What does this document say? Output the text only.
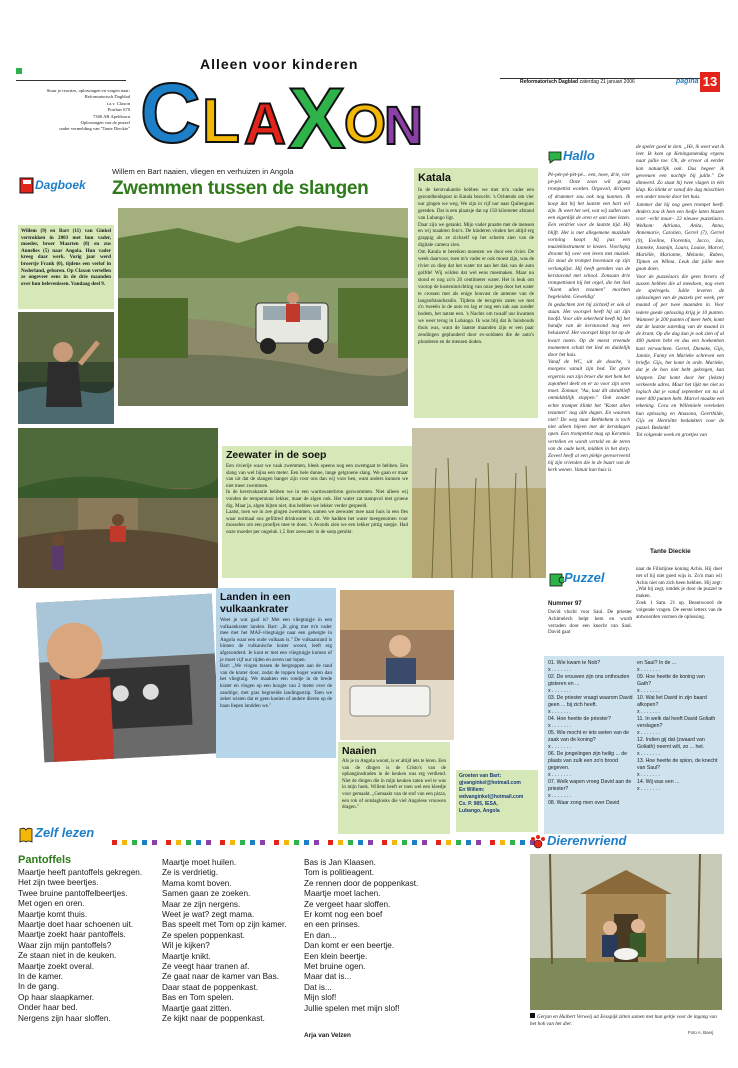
Alleen voor kinderen
C L A X
O
N
Stuur je reacties, oplossingen en vragen naar:
Reformatorisch Dagblad
t.a.v. Claxon
Postbus 670
7300 AR Apeldoorn
Oplossingen van de puzzel
onder vermelding van "Tante Dieckie"
Reformatorisch Dagblad zaterdag 21 januari 2006	pagina 13
Dagboek
Willem en Bart naaien, vliegen en verhuizen in Angola
Zwemmen tussen de slangen

Willem (9) en Bart (11) van Ginkel vertrokken in 2003 met hun vader, moeder, broer Maarten (8) en zus Annelies (5) naar Angola. Hun vader kreeg daar werk. Vorig jaar werd broertje Frank (0), tijdens een verlof in Nederland, geboren. Op Claxon vertellen ze ongeveer eens in de drie maanden over hun belevenissen. Vandaag deel 9.

Katala

In de kerstvakantie hebben we met m'n vader een gezondheidspost in Katala bezocht. 's Ochtends om vier uur gingen we weg. We zijn in vijf uur naar Quilengues gereden. Dat is een plaatsje dat op 150 kilometer afstand van Lubango ligt.
Daar zijn we getankt. Mijn vader praatte met de mensen en wij maakten foto's. De kinderen vinden het altijd erg grappig als ze zichzelf op het scherm zien van de digitale camera zien.
Om Katala te bereiken moesten we door een rivier. De week daarvoor, toen m'n vader er ook moest zijn, was de rivier zo diep dat het water tot aan het dak van de auto golfde! Wij wilden dat wel eens meemaken. Maar nu stond er nog zo'n 20 centimeter water. Het is leuk om voorop de kosteninrichting van onze jeep door het water te crossen met als enige houvast de antenne van de langsofstandsradio. Tijdens de terugreis zaten we met z'n tweeën in de auto en lag er nog een zak aan zonder bodem, het natste een. 's Nachts om twaalf uur kwamen we weer terug in Lubango. Ik was blij dat ik huishouds thuis was, want de laatste maanden zijn er een paar zendingen geplunderd door ex-soldaten die de auto's plunderen en de mensen doden.

Hallo

Pè-pèt-pè-pèt-pè... een, twee, drie, vier pè-pèt. Onze zoon wil graag trompettist worden. Orgavoit, dirigent of drummer zou ook nog kunnen. Ik koop dat hij het laatste een hart wil zijn. Ik weet het wel, wat wij zullen aan een eigenlijk de oren er aan mee lezen. Een verdriet voor de laatste tijd. Hij blijft. Het is met allegemene muzikale vorming koopt hij pas een muziekinstrument te kiezen. Voorlopig droomt hij over een leven met muziek. En staat de trompet bovenaan op zijn verlanglijst. Hij heeft gereden van de kerstavond met school. Zonsaan drie trompettisten bij het orgel, die het lied "Komt allen tezamen" mochten begeleiden. Geweldig!
In gedachten ziet hij zichzelf er ook al staan. Het voorspel heeft hij uit zijn hoofd. Voor alle zekerheid heeft hij het bandje van de kerstavond nog een beluisterd. Het voorspel klopt tot op de kwart noten. Op de meest vreemde momenten schalt het lied en duidelijk door het huis.
Vanaf de WC, uit de douche, 's morgens vanuit zijn bed. Tot grote ergernis van zijn broer die met hem het zopotheel deelt en er zo voor zijn oren moet. Zomaar, "Au, laat dit alstublieft onmiddellijk stoppen." Ook zonder echte trompet klinkt het "Komt allen tezamen" nog alle dagen. En waarom niet? De weg naar Bethlehem is toch niet alleen bijeen met de kerstdagen open. Een trompettist mag op Kerstmis vertellen en wordt verteld en de teren van de oude kerk, midden in het dorp. Zoveel heeft al een plekje gereserveerd bij zijn vrienden die in de buurt van de kerk wonen. Vanuit hun huis is

de speler goed te zien. „Hè, ik weet wat ik leer. Ik kom op Keningsmendag ergens naar jullie toe. Uh, de ervoor al eerder kan natuurlijk ook. Dus begeer ik geveeuen een nachtje bij jullie." De dimwerd. Zo staat hij twee vlagen in één klap. Ko klinkt er vanaf die dag misschien een ander mooie door het huis.
Jammer dat hij nog geen trompet heeft. Anders zou ik hem een liedje laten blazen voor –echt maar– 22 nieuwe puzzelaars. Welkom: Adriana, Anita, Anna, Annemarie, Carolien, Gerrel (7), Gerrel (9), Eveline, Florentia, Jacco, Jan, Janneke, Jasmijn, Laura, Louise, Marcel, Mariëlle, Marianne, Melanie, Ruben, Tijmen en Wilma. Leuk dat jullie mee gaan doen.
Voor de puzzelaars die geen broers of zussen hebben die al meedoen, nog even de spelregels. Jullie leveren de oplossingen van de puzzels per week, per maand of per twee maanden in. Voor iedere goede oplossing krijg je 10 punten. Wanneer je 200 punten of meer hebt, komt dat de laatste zaterdag van de maand in de krant. Op die dag kun je ook zien of al 400 punten hebt en dus een boekenbon kunt verwachten. Gerrel, Dieneke, Gijs, Jannie, Fanny en Marieke schreven een briefje. Gijs, het komt in orde. Marieke, dat je de bon niet hebt gekregen, kan kloppen. Dat komt door het (lekste) verkeerde adres. Maar het lijkt me niet zo logisch dat je vanaf september tot nu al meer 400 punten hebt. Marcel maakte een tekening. Cora en Willemiele vereleden hun oplossing en Anasona, Geerthilde, Gijs en Henriëtte bedankten voor de puzzel. Bedankt!
Tot volgende week en groetjes van

Tante Dieckie
Zeewater in de soep

Een rivierije waar we vaak zwemmen, bleek opeens nog een zwemgaat te hebben. Een slang van wel bijna een meter. Een hele dunne, lange gelgroene slang. We gaan er maar van uit dat de slangen banger zijn voor ons dan wij voor hen, want anders kunnen we niet meer zwemmen.
In de kerstvakantie hebben we in een warmwaterbron gezwommen. Niet alleen wij vonden de temperatuur lekker, maar de algen ook. Het water zat stampvol met groene dig. Maar ja, algen bijten niet, dus hebben we lekker verder gespeeld.
Laatst, toen we in zee gingen zwemmen, namen we zeewater mee naar huis in een fles waar normaal ons gefiltred drinkwater in zit. We hadden het water meegenomen voor mosselen om een proefjes mee te doen. 's Avonds zien we een lekker pittig soepje. Had onze moeder per ongeluk 1,5 liter zeewater in de soep gemikt.

Landen in een vulkaankrater

Weet je wat gaaf is? Met een vliegtuigje in een vulkaankrater landen. Bart: „Ik ging met m'n vader mee met het MAF-vliegtuigje naar een gebergte in Angola waar een oude vulkaan is." De vulkaanrand is binnen de vulkanische krater woont, leeft erg afgezonderd. Je kunt er met een vliegtuigje komen of je moet vijf uur rijden en zeven uur lopen.
Bart: „We vlogen tussen de bergtoppen aan de rand van de krater door, zodat de toppen hoger waren dan het vliegtuig. We maakten een rondje in de brede krater en vlogen op een hoogte van 2 meter over de zandrige, met gras begroeide landingsstrip. Toen we zeker wisten dat er geen koeien of andere dieren op de baan liepen landden we."

Naaien

Als je in Angola woont, is er altijd iets te leren. Een van de dingen is de Cristo's van de ophanginsdraden in de keuken was erg verdiend. Niet de dingen die in mijn keuken zaten wel te was in mijn hoek. Willem heeft er toen wel een kleedje voor gemaakt. „Gemaakt van de stof van een pizza, een rok of ontslaglooks die viel Angolese vrouwen dragen."

Groeten van Bart:
gjvanginkel@hotmail.com
En Willem:
wdvanginkel@hotmail.com
Cx. P. 985, IESA,
Lubango, Angola

Puzzel
Nummer 97

David vlucht voor Saul. De priester Achimelech helpt hem en wordt verraden door een knecht van Saul. David gaat

naar de Filistijnse koning Achis. Hij doet net of hij niet goed wijs is. Zo'n man wil Achis niet om zich heen hebben. Hij zegt: „Wat hij zegt, ontdek je door de puzzel te maken.
Zoek 1 Sam. 21 op. Beantwoord de volgende vragen. De eerste letters van de antwoorden vormen de oplossing.

01. Wie kwam te Nob?
x . . . . . . .
02. De vrouwen zijn ons onthouden gisteren en ...
x . . . . . . .
03. De priester vraagt waarom David geen ... bij zich heeft.
x . . . . . . .
04. Hoe heette de priester?
x . . . . . . .
05. Wie mocht er iets weten van de zaak van de koning?
x . . . . . . .
06. De jongelingen zijn heilig ... de plaats van zulk een zo'n brood gegeven.
x . . . . . . .
07. Welk wapen vroeg David aan de priester?
x . . . . . . .
08. Waar zong men over David

en Saul? In de ...
x . . . . . . .
09. Hoe heette de koning van Gath?
x . . . . . . .
10. Wat liet David in zijn baard afkopen?
x . . . . . . .
11. In welk dal heeft David Goliath verslagen?
x . . . . . . .
12. Indien gij dat (zwaard van Goliath) neemt wilt, zo ... het.
x . . . . . . .
13. Hoe heette de spion, de knecht van Saul?
x . . . . . . .
14. Wij was een ...
x . . . . . . .

Zelf lezen

Pantoffels

Maartje heeft pantoffels gekregen.
Het zijn twee beertjes.
Twee bruine pantoffelbeertjes.
Met ogen en oren.
Maartje komt thuis.
Maartje doet haar schoenen uit.
Maartje zoekt haar pantoffels.
Waar zijn mijn pantoffels?
Ze staan niet in de keuken.
Maartje zoekt overal.
In de kamer.
In de gang.
Op haar slaapkamer.
Onder haar bed.
Nergens zijn haar sloffen.

Maartje moet huilen.
Ze is verdrietig.
Mama komt boven.
Samen gaan ze zoeken.
Maar ze zijn nergens.
Weet je wat? zegt mama.
Bas speelt met Tom op zijn kamer.
Ze spelen poppenkast.
Wil je kijken?
Maartje knikt.
Ze veegt haar tranen af.
Ze gaat naar de kamer van Bas.
Daar staat de poppenkast.
Bas en Tom spelen.
Maartje gaat zitten.
Ze kijkt naar de poppenkast.

Bas is Jan Klaasen.
Tom is politieagent.
Ze rennen door de poppenkast.
Maartje moet lachen.
Ze vergeet haar sloffen.
Er komt nog een boef
en een prinses.
En dan...
Dan komt er een beertje.
Een klein beertje.
Met bruine ogen.
Maar dat is...
Dat is...
Mijn slof!
Jullie spelen met mijn slof!

Arja van Velzen
Dierenvriend
Gerjan en Huibert Verweij uit Eesspijk zitten samen met hun geitje voor de ingang van het hok van het dier.
Foto A. Boerj
